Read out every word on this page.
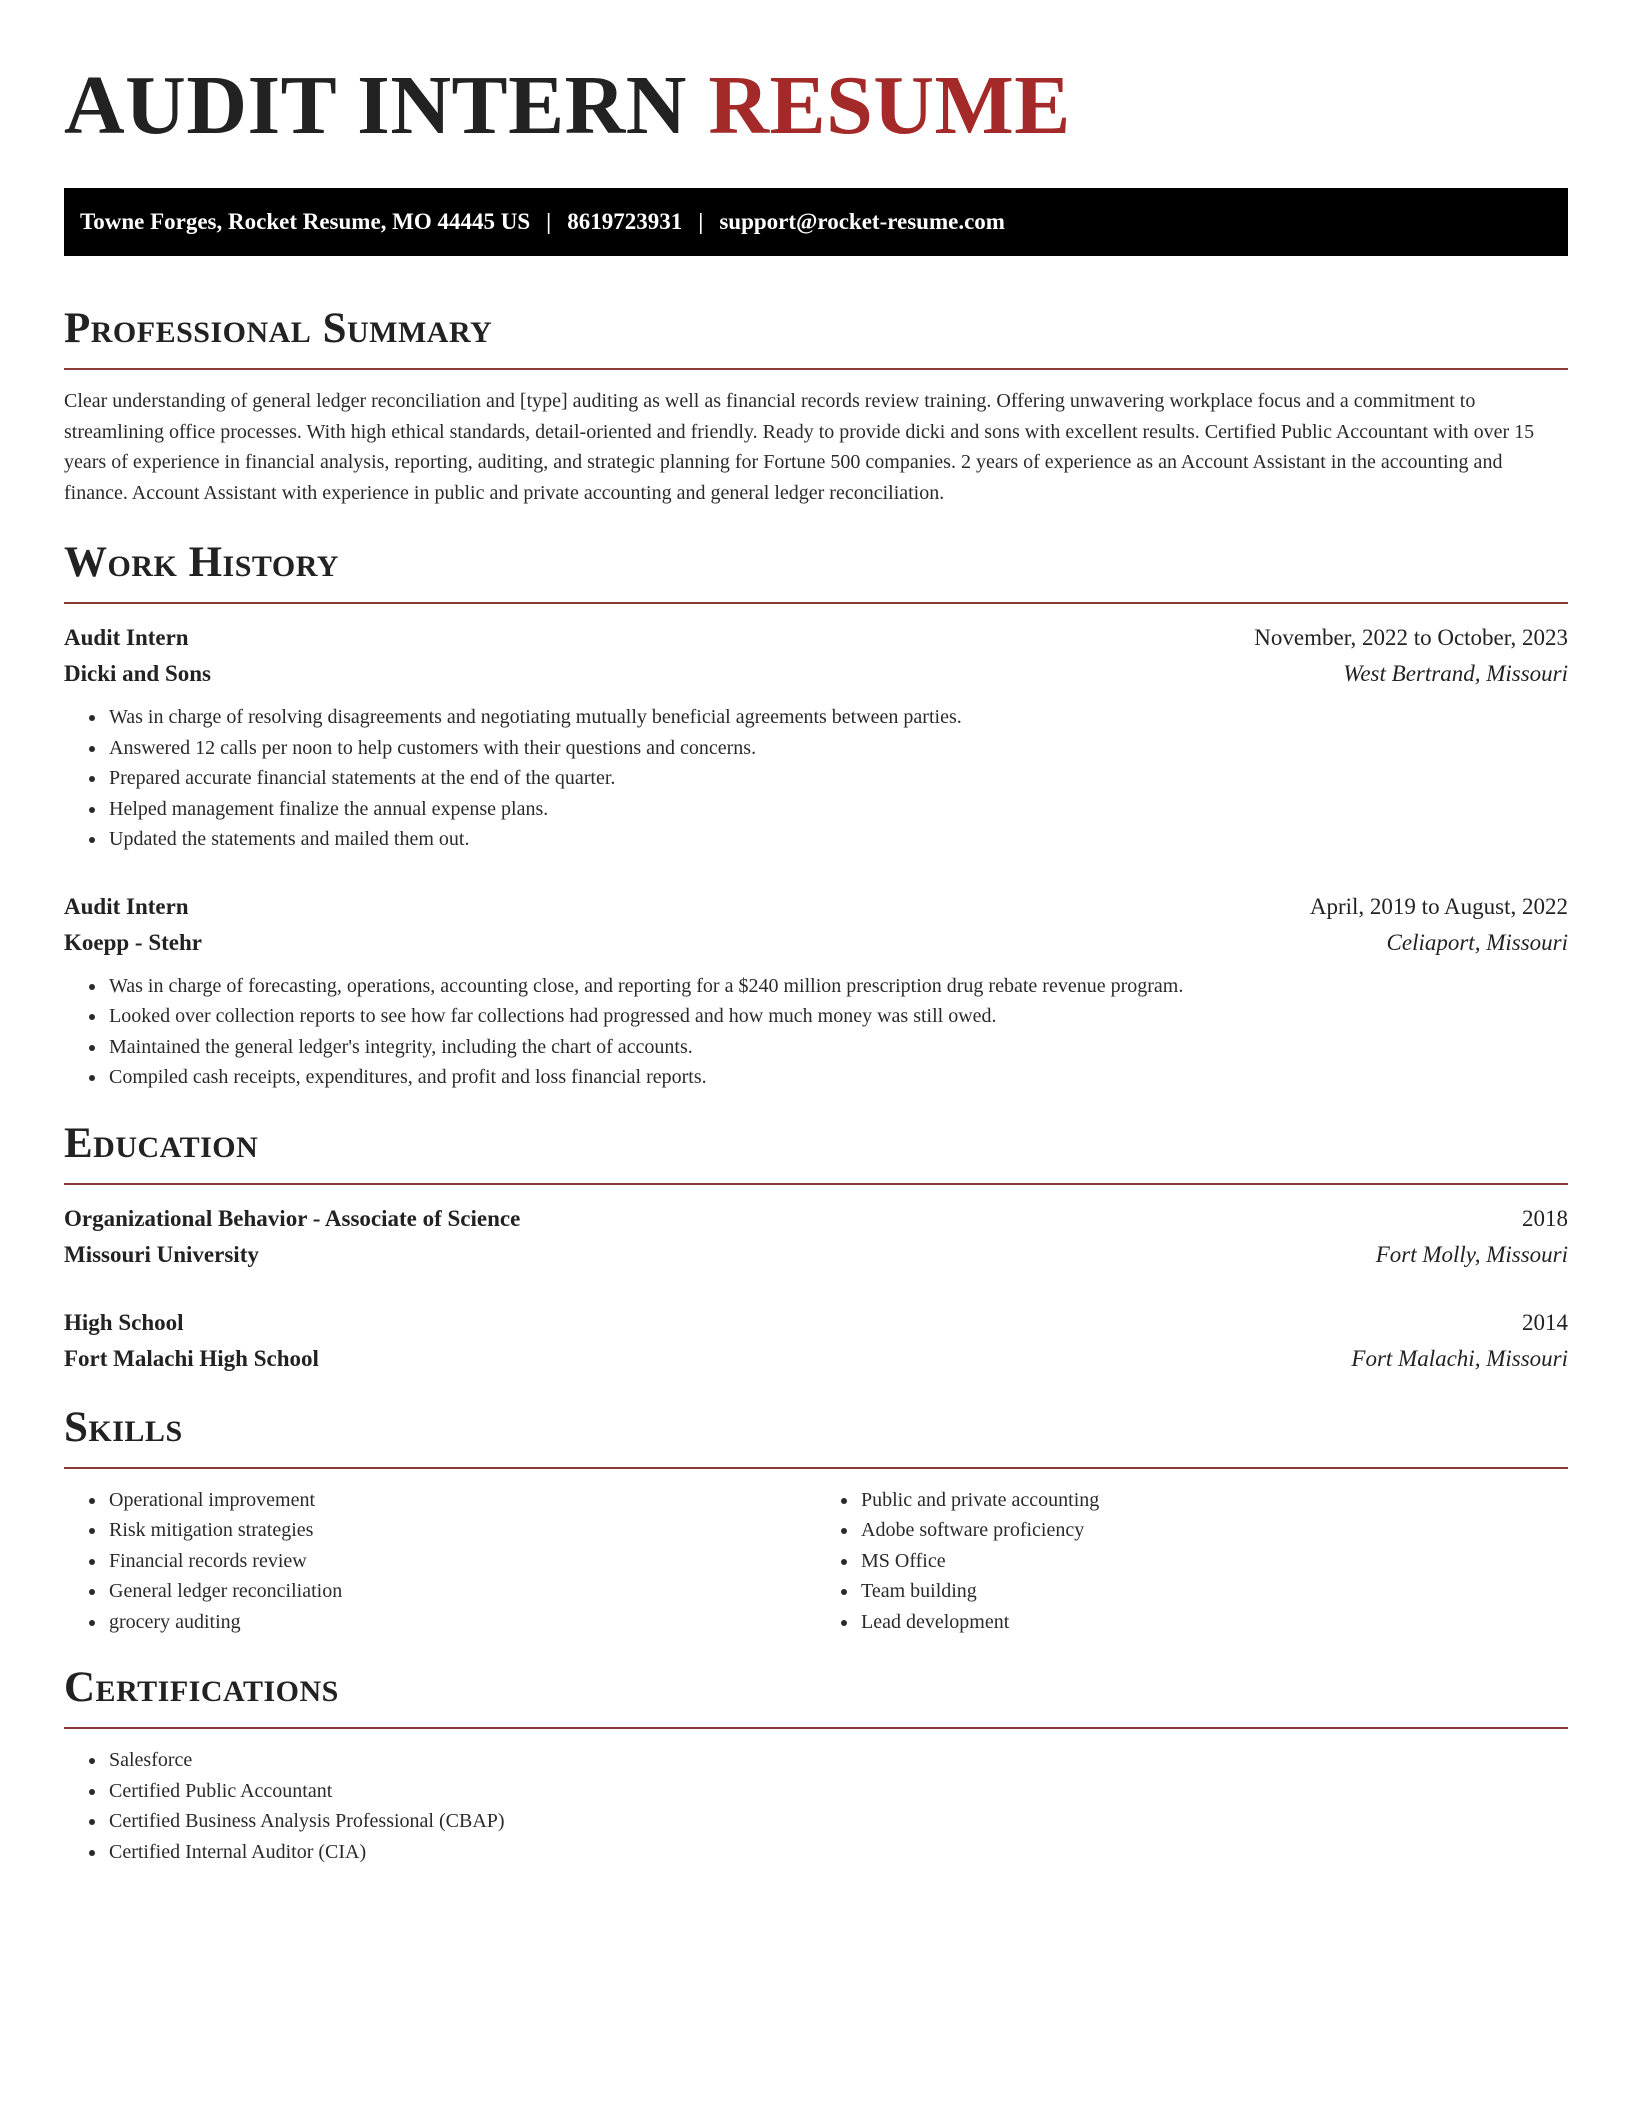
AUDIT INTERN RESUME
Towne Forges, Rocket Resume, MO 44445 US | 8619723931 | support@rocket-resume.com
Professional Summary

Clear understanding of general ledger reconciliation and [type] auditing as well as financial records review training. Offering unwavering workplace focus and a commitment to streamlining office processes. With high ethical standards, detail-oriented and friendly. Ready to provide dicki and sons with excellent results. Certified Public Accountant with over 15 years of experience in financial analysis, reporting, auditing, and strategic planning for Fortune 500 companies. 2 years of experience as an Account Assistant in the accounting and finance. Account Assistant with experience in public and private accounting and general ledger reconciliation.

Work History
Audit Intern	November, 2022 to October, 2023
Dicki and Sons	West Bertrand, Missouri
• Was in charge of resolving disagreements and negotiating mutually beneficial agreements between parties.
• Answered 12 calls per noon to help customers with their questions and concerns.
• Prepared accurate financial statements at the end of the quarter.
• Helped management finalize the annual expense plans.
• Updated the statements and mailed them out.
Audit Intern	April, 2019 to August, 2022
Koepp - Stehr	Celiaport, Missouri
• Was in charge of forecasting, operations, accounting close, and reporting for a $240 million prescription drug rebate revenue program.
• Looked over collection reports to see how far collections had progressed and how much money was still owed.
• Maintained the general ledger's integrity, including the chart of accounts.
• Compiled cash receipts, expenditures, and profit and loss financial reports.
Education
Organizational Behavior - Associate of Science	2018
Missouri University	Fort Molly, Missouri
High School	2014
Fort Malachi High School	Fort Malachi, Missouri
Skills
• Operational improvement
• Risk mitigation strategies
• Financial records review
• General ledger reconciliation
• grocery auditing
• Public and private accounting
• Adobe software proficiency
• MS Office
• Team building
• Lead development
Certifications
• Salesforce
• Certified Public Accountant
• Certified Business Analysis Professional (CBAP)
• Certified Internal Auditor (CIA)
